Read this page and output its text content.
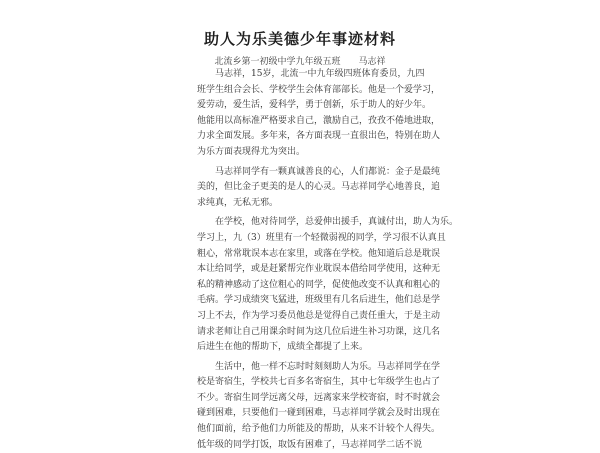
助人为乐美德少年事迹材料
北流乡第一初级中学九年级五班　　马志祥
马志祥，15岁，北流一中九年级四班体育委员，九四
班学生组合会长、学校学生会体育部部长。他是一个爱学习，
爱劳动，爱生活，爱科学，勇于创新，乐于助人的好少年。
他能用以高标准严格要求自己，激励自己，孜孜不倦地进取，
力求全面发展。多年来，各方面表现一直很出色，特别在助人
为乐方面表现得尤为突出。
马志祥同学有一颗真诚善良的心，人们都说：金子是最纯
美的，但比金子更美的是人的心灵。马志祥同学心地善良，追
求纯真，无私无邪。
在学校，他对待同学，总爱伸出援手，真诚付出，助人为乐。
学习上，九（3）班里有一个轻微弱视的同学，学习很不认真且
粗心，常常耽误本志在家里，或落在学校。他知道后总是耽误
本让给同学，或是赶紧帮完作业耽误本借给同学使用，这种无
私的精神感动了这位粗心的同学，促使他改变不认真和粗心的
毛病。学习成绩突飞猛进，班级里有几名后进生，他们总是学
习上不去，作为学习委员他总是觉得自己责任重大，于是主动
请求老师让自己用课余时间为这几位后进生补习功课，这几名
后进生在他的帮助下，成绩全都提了上来。
生活中，他一样不忘时时刻刻助人为乐。马志祥同学在学
校是寄宿生，学校共七百多名寄宿生，其中七年级学生也占了
不少。寄宿生同学远离父母，远离家来学校寄宿，时不时就会
碰到困难，只要他们一碰到困难，马志祥同学就会及时出现在
他们面前，给予他们力所能及的帮助，从来不计较个人得失。
低年级的同学打饭，取饭有困难了，马志祥同学二话不说
